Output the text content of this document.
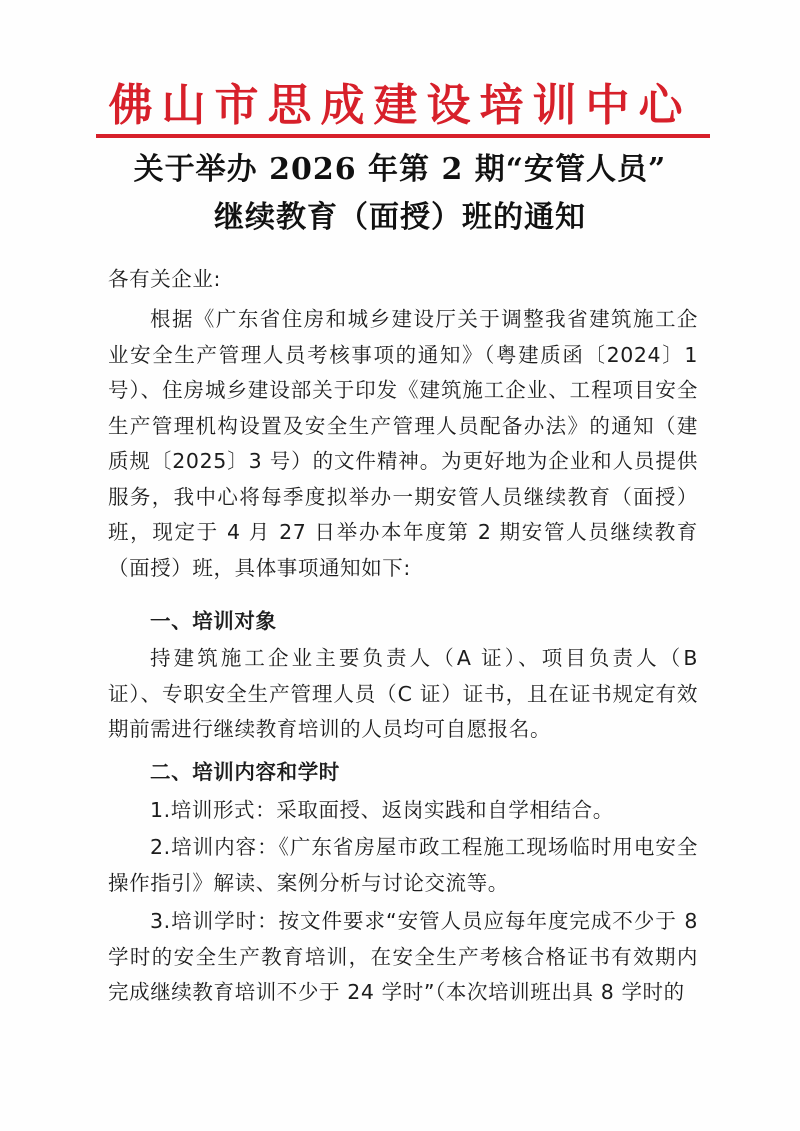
佛山市思成建设培训中心
关于举办 2026 年第 2 期“安管人员”
继续教育（面授）班的通知
各有关企业:
根据《广东省住房和城乡建设厅关于调整我省建筑施工企业安全生产管理人员考核事项的通知》（粤建质函〔2024〕1号）、住房城乡建设部关于印发《建筑施工企业、工程项目安全生产管理机构设置及安全生产管理人员配备办法》的通知（建质规〔2025〕3 号）的文件精神。为更好地为企业和人员提供服务，我中心将每季度拟举办一期安管人员继续教育（面授）班，现定于 4 月 27 日举办本年度第 2 期安管人员继续教育（面授）班，具体事项通知如下:
一、培训对象
持建筑施工企业主要负责人（A 证）、项目负责人（B 证）、专职安全生产管理人员（C 证）证书，且在证书规定有效期前需进行继续教育培训的人员均可自愿报名。
二、培训内容和学时
1.培训形式：采取面授、返岗实践和自学相结合。
2.培训内容：《广东省房屋市政工程施工现场临时用电安全操作指引》解读、案例分析与讨论交流等。
3.培训学时：按文件要求“安管人员应每年度完成不少于 8 学时的安全生产教育培训，在安全生产考核合格证书有效期内完成继续教育培训不少于 24 学时”（本次培训班出具 8 学时的
